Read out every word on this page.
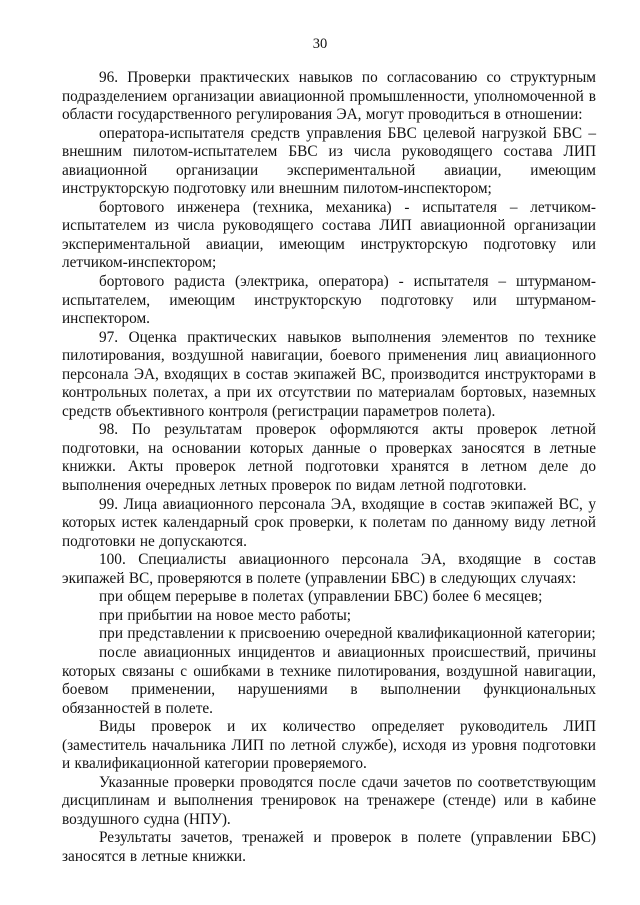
30

96. Проверки практических навыков по согласованию со структурным подразделением организации авиационной промышленности, уполномоченной в области государственного регулирования ЭА, могут проводиться в отношении:

оператора-испытателя средств управления БВС целевой нагрузкой БВС – внешним пилотом-испытателем БВС из числа руководящего состава ЛИП авиационной организации экспериментальной авиации, имеющим инструкторскую подготовку или внешним пилотом-инспектором;

бортового инженера (техника, механика) - испытателя – летчиком-испытателем из числа руководящего состава ЛИП авиационной организации экспериментальной авиации, имеющим инструкторскую подготовку или летчиком-инспектором;

бортового радиста (электрика, оператора) - испытателя – штурманом-испытателем, имеющим инструкторскую подготовку или штурманом-инспектором.

97. Оценка практических навыков выполнения элементов по технике пилотирования, воздушной навигации, боевого применения лиц авиационного персонала ЭА, входящих в состав экипажей ВС, производится инструкторами в контрольных полетах, а при их отсутствии по материалам бортовых, наземных средств объективного контроля (регистрации параметров полета).

98. По результатам проверок оформляются акты проверок летной подготовки, на основании которых данные о проверках заносятся в летные книжки. Акты проверок летной подготовки хранятся в летном деле до выполнения очередных летных проверок по видам летной подготовки.

99. Лица авиационного персонала ЭА, входящие в состав экипажей ВС, у которых истек календарный срок проверки, к полетам по данному виду летной подготовки не допускаются.

100. Специалисты авиационного персонала ЭА, входящие в состав экипажей ВС, проверяются в полете (управлении БВС) в следующих случаях:

при общем перерыве в полетах (управлении БВС) более 6 месяцев;

при прибытии на новое место работы;

при представлении к присвоению очередной квалификационной категории;

после авиационных инцидентов и авиационных происшествий, причины которых связаны с ошибками в технике пилотирования, воздушной навигации, боевом применении, нарушениями в выполнении функциональных обязанностей в полете.

Виды проверок и их количество определяет руководитель ЛИП (заместитель начальника ЛИП по летной службе), исходя из уровня подготовки и квалификационной категории проверяемого.

Указанные проверки проводятся после сдачи зачетов по соответствующим дисциплинам и выполнения тренировок на тренажере (стенде) или в кабине воздушного судна (НПУ).

Результаты зачетов, тренажей и проверок в полете (управлении БВС) заносятся в летные книжки.
